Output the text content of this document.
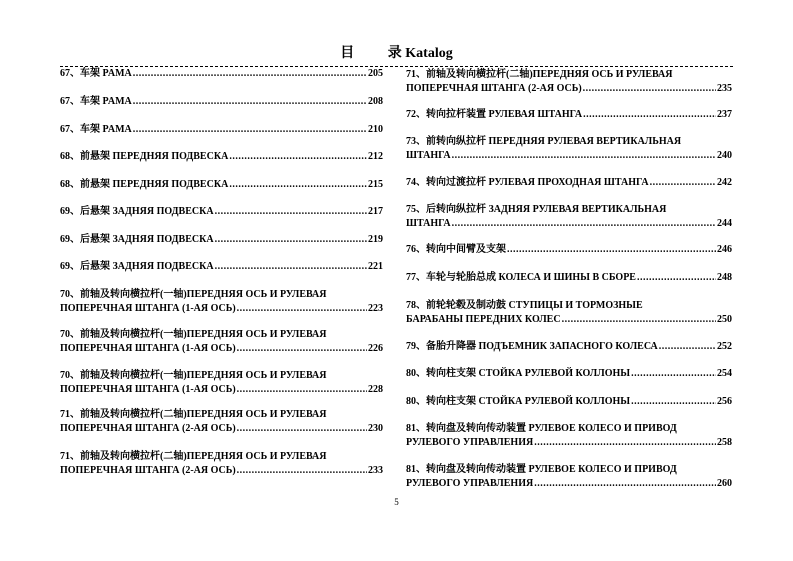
目 录 Katalog
67、车架 PAMA .....	205
67、车架 PAMA .....	208
67、车架 PAMA .....	210
68、前悬架 ПЕРЕДНЯЯ ПОДВЕСКА .....	212
68、前悬架 ПЕРЕДНЯЯ ПОДВЕСКА .....	215
69、后悬架 ЗАДНЯЯ ПОДВЕСКА .....	217
69、后悬架 ЗАДНЯЯ ПОДВЕСКА .....	219
69、后悬架 ЗАДНЯЯ ПОДВЕСКА .....	221
70、前轴及转向横拉杆(一轴)ПЕРЕДНЯЯ ОСЬ И РУЛЕВАЯ
ПОПЕРЕЧНАЯ ШТАНГА (1-АЯ ОСЬ) .....	223
70、前轴及转向横拉杆(一轴)ПЕРЕДНЯЯ ОСЬ И РУЛЕВАЯ
ПОПЕРЕЧНАЯ ШТАНГА (1-АЯ ОСЬ) .....	226
70、前轴及转向横拉杆(一轴)ПЕРЕДНЯЯ ОСЬ И РУЛЕВАЯ
ПОПЕРЕЧНАЯ ШТАНГА (1-АЯ ОСЬ) .....	228
71、前轴及转向横拉杆(二轴)ПЕРЕДНЯЯ ОСЬ И РУЛЕВАЯ
ПОПЕРЕЧНАЯ ШТАНГА (2-АЯ ОСЬ) .....	230
71、前轴及转向横拉杆(二轴)ПЕРЕДНЯЯ ОСЬ И РУЛЕВАЯ
ПОПЕРЕЧНАЯ ШТАНГА (2-АЯ ОСЬ) .....	233
71、前轴及转向横拉杆(二轴)ПЕРЕДНЯЯ ОСЬ И РУЛЕВАЯ
ПОПЕРЕЧНАЯ ШТАНГА (2-АЯ ОСЬ) .....	235
72、转向拉杆装置 РУЛЕВАЯ ШТАНГА .....	237
73、前转向纵拉杆 ПЕРЕДНЯЯ РУЛЕВАЯ ВЕРТИКАЛЬНАЯ
ШТАНГА .....	240
74、转向过渡拉杆 РУЛЕВАЯ ПРОХОДНАЯ ШТАНГА .....	242
75、后转向纵拉杆 ЗАДНЯЯ РУЛЕВАЯ ВЕРТИКАЛЬНАЯ
ШТАНГА .....	244
76、转向中间臂及支架 .....	246
77、车轮与轮胎总成 КОЛЕСА И ШИНЫ В СБОРЕ .....	248
78、前轮轮毂及制动鼓 СТУПИЦЫ И ТОРМОЗНЫЕ
БАРАБАНЫ ПЕРЕДНИХ КОЛЕС .....	250
79、备胎升降器 ПОДЪЕМНИК ЗАПАСНОГО КОЛЕСА .....	252
80、转向柱支架 СТОЙКА РУЛЕВОЙ КОЛЛОНЫ .....	254
80、转向柱支架 СТОЙКА РУЛЕВОЙ КОЛЛОНЫ .....	256
81、转向盘及转向传动装置 РУЛЕВОЕ КОЛЕСО И ПРИВОД
РУЛЕВОГО УПРАВЛЕНИЯ .....	258
81、转向盘及转向传动装置 РУЛЕВОЕ КОЛЕСО И ПРИВОД
РУЛЕВОГО УПРАВЛЕНИЯ .....	260
5
